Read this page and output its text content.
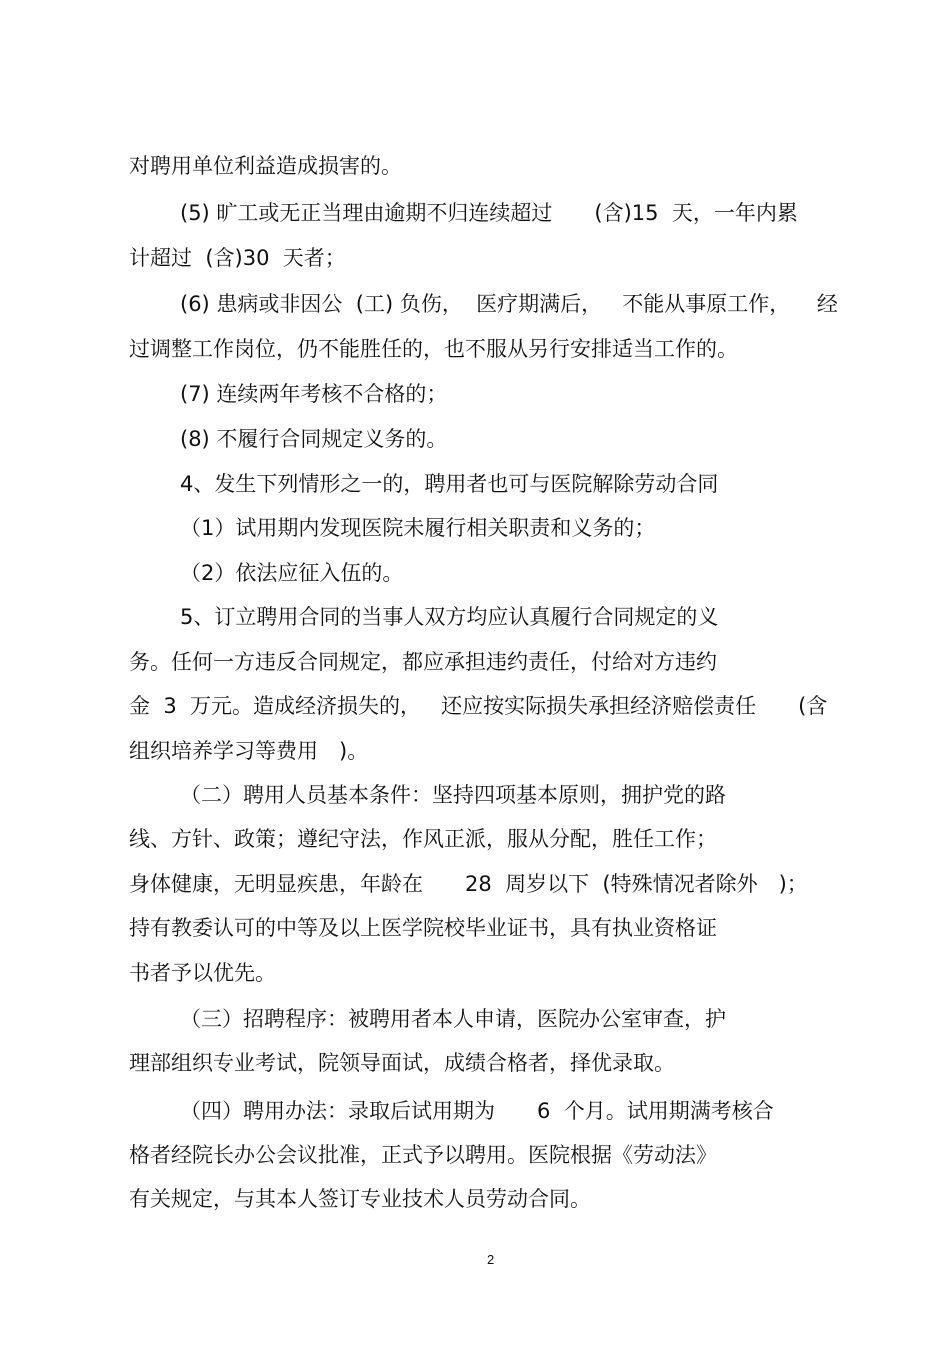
对聘用单位利益造成损害的。
(5) 旷工或无正当理由逾期不归连续超过　　(含)15  天，一年内累
计超过  (含)30  天者；
(6) 患病或非因公  (工) 负伤，  医疗期满后，   不能从事原工作，    经
过调整工作岗位，仍不能胜任的，也不服从另行安排适当工作的。
(7) 连续两年考核不合格的；
(8) 不履行合同规定义务的。
4、发生下列情形之一的，聘用者也可与医院解除劳动合同
（1）试用期内发现医院未履行相关职责和义务的；
（2）依法应征入伍的。
5、订立聘用合同的当事人双方均应认真履行合同规定的义
务。任何一方违反合同规定，都应承担违约责任，付给对方违约
金  3  万元。造成经济损失的，   还应按实际损失承担经济赔偿责任　　(含
组织培养学习等费用　)。
（二）聘用人员基本条件：坚持四项基本原则，拥护党的路
线、方针、政策；遵纪守法，作风正派，服从分配，胜任工作；
身体健康，无明显疾患，年龄在　　28  周岁以下  (特殊情况者除外　)；
持有教委认可的中等及以上医学院校毕业证书，具有执业资格证
书者予以优先。
（三）招聘程序：被聘用者本人申请，医院办公室审查，护
理部组织专业考试，院领导面试，成绩合格者，择优录取。
（四）聘用办法：录取后试用期为　　6  个月。试用期满考核合
格者经院长办公会议批准，正式予以聘用。医院根据《劳动法》
有关规定，与其本人签订专业技术人员劳动合同。
2
